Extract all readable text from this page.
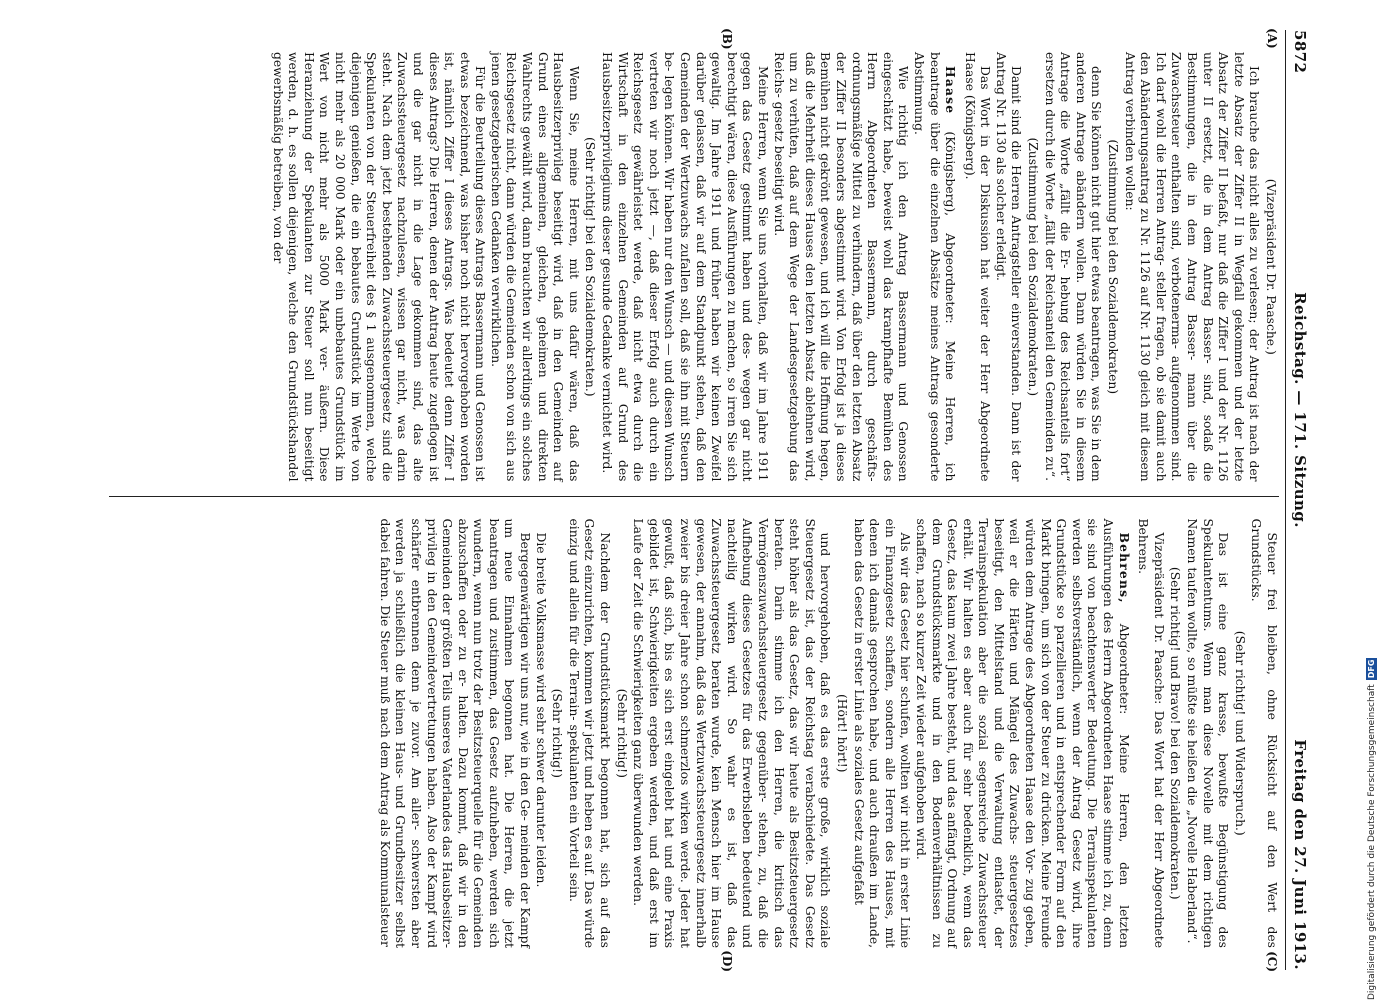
5872
Reichstag. — 171. Sitzung.
Freitag den 27. Juni 1913.
(A)
(B)

(Vizepräsident Dr. Paasche.)

Ich brauche das nicht alles zu verlesen; der Antrag ist nach der letzte Absatz der Ziffer II in Wegfall gekommen und der letzte Absatz der Ziffer II befaßt, nur daß die Ziffer I und der Nr. 1126 unter II ersetzt, die in dem Antrag Basser- sind, sodaß die Bestimmungen, die in dem Antrag Basser- mann über die Zuwachssteuer enthalten sind, verbotenerma- aufgenommen sind. Ich darf wohl die Herren Antrag- steller fragen, ob sie damit auch den Abänderungsantrag zu Nr. 1126 auf Nr. 1130 gleich mit diesem Antrag verbinden wollen:

(Zustimmung bei den Sozialdemokraten)

denn Sie können nicht gut hier etwas beantragen, was Sie in dem anderen Antrage abändern wollen. Dann würden Sie in diesem Antrage die Worte „fällt die Er- hebung des Reichsanteils fort“ ersetzen durch die Worte „fällt der Reichsanteil den Gemeinden zu“.

(Zustimmung bei den Sozialdemokraten.)

Damit sind die Herren Antragsteller einverstanden. Dann ist der Antrag Nr. 1130 als solcher erledigt.

Das Wort in der Diskussion hat weiter der Herr Abgeordnete Haase (Königsberg).

Haase (Königsberg), Abgeordneter: Meine Herren, ich beantrage über die einzelnen Absätze meines Antrags gesonderte Abstimmung.

Wie richtig ich den Antrag Bassermann und Genossen eingeschätzt habe, beweist wohl das krampfhafte Bemühen des Herrn Abgeordneten Bassermann, durch geschäfts- ordnungsmäßige Mittel zu verhindern, daß über den letzten Absatz der Ziffer II besonders abgestimmt wird. Von Erfolg ist ja dieses Bemühen nicht gekrönt gewesen, und ich will die Hoffnung hegen, daß die Mehrheit dieses Hauses den letzten Absatz ablehnen wird, um zu verhüten, daß auf dem Wege der Landesgesetzgebung das Reichs- gesetz beseitigt wird.

Meine Herren, wenn Sie uns vorhalten, daß wir im Jahre 1911 gegen das Gesetz gestimmt haben und des- wegen gar nicht berechtigt wären, diese Ausführungen zu machen, so irren Sie sich gewaltig. Im Jahre 1911 und früher haben wir keinen Zweifel darüber gelassen, daß wir auf dem Standpunkt stehen, daß den Gemeinden der Wertzuwachs zufallen soll, daß sie ihn mit Steuern be- legen können. Wir haben nur den Wunsch — und diesen Wunsch vertreten wir noch jetzt —, daß dieser Erfolg auch durch ein Reichsgesetz gewährleistet werde, daß nicht etwa durch die Wirtschaft in den einzelnen Gemeinden auf Grund des Hausbesitzerprivilegiums dieser gesunde Gedanke vernichtet wird.

(Sehr richtig! bei den Sozialdemokraten.)

Wenn Sie, meine Herren, mit uns dafür wären, daß das Hausbesitzerprivileg beseitigt wird, daß in den Gemeinden auf Grund eines allgemeinen, gleichen, geheimen und direkten Wahlrechts gewählt wird, dann brauchten wir allerdings ein solches Reichsgesetz nicht, dann würden die Gemeinden schon von sich aus jenen gesetzgeberischen Gedanken verwirklichen.

Für die Beurteilung dieses Antrags Bassermann und Genossen ist etwas bezeichnend, was bisher noch nicht hervorgehoben worden ist, nämlich Ziffer I dieses Antrags. Was bedeutet denn Ziffer I dieses Antrags? Die Herren, denen der Antrag heute zugeflogen ist und die gar nicht in die Lage gekommen sind, das alte Zuwachssteuergesetz nachzulesen, wissen gar nicht, was darin steht. Nach dem jetzt bestehenden Zuwachssteuergesetz sind die Spekulanten von der Steuerfreiheit des § 1 ausgenommen, welche diejenigen genießen, die ein bebautes Grundstück im Werte von nicht mehr als 20 000 Mark oder ein unbebautes Grundstück im Wert von nicht mehr als 5000 Mark ver- äußern. Diese Heranziehung der Spekulanten zur Steuer soll nun beseitigt werden, d. h. es sollen diejenigen, welche den Grundstückshandel gewerbsmäßig betreiben, von der

(C)
(D)

Steuer frei bleiben, ohne Rücksicht auf den Wert des Grundstücks.

(Sehr richtig! und Widerspruch.)

Das ist eine ganz krasse, bewußte Begünstigung des Spekulantentums. Wenn man diese Novelle mit dem richtigen Namen taufen wollte, so müßte sie heißen die „Novelle Haberland“.

(Sehr richtig! und Bravo! bei den Sozialdemokraten.)

Vizepräsident Dr. Paasche: Das Wort hat der Herr Abgeordnete Behrens.

Behrens, Abgeordneter: Meine Herren, den letzten Ausführungen des Herrn Abgeordneten Haase stimme ich zu, denn sie sind von beachtenswerter Bedeutung. Die Terrainspekulanten werden selbstverständlich, wenn der Antrag Gesetz wird, ihre Grundstücke so parzellieren und in entsprechender Form auf den Markt bringen, um sich von der Steuer zu drücken. Meine Freunde würden dem Antrage des Abgeordneten Haase den Vor- zug geben, weil er die Härten und Mängel des Zuwachs- steuergesetzes beseitigt, den Mittelstand und die Verwaltung entlastet, der Terrainspekulation aber die sozial segensreiche Zuwachssteuer erhält. Wir halten es aber auch für sehr bedenklich, wenn das Gesetz, das kaum zwei Jahre besteht, und das anfängt, Ordnung auf dem Grundstücksmarkte und in den Bodenverhältnissen zu schaffen, nach so kurzer Zeit wieder aufgehoben wird.

Als wir das Gesetz hier schufen, wollten wir nicht in erster Linie ein Finanzgesetz schaffen, sondern alle Herren des Hauses, mit denen ich damals gesprochen habe, und auch draußen im Lande, haben das Gesetz in erster Linie als soziales Gesetz aufgefaßt

(Hört! hört!)

und hervorgehoben, daß es das erste große, wirklich soziale Steuergesetz ist, das der Reichstag verabschiedete. Das Gesetz steht höher als das Gesetz, das wir heute als Besitzsteuergesetz beraten. Darin stimme ich den Herren, die kritisch das Vermögenszuwachssteuergesetz gegenüber- stehen, zu, daß die Aufhebung dieses Gesetzes für das Erwerbsleben bedeutend und nachteilig wirken wird. So wahr es ist, daß das Zuwachssteuergesetz beraten wurde, kein Mensch hier im Hause gewesen, der annahm, daß das Wertzuwachssteuergesetz innerhalb zweier bis dreier Jahre schon schmerzlos wirken werde. Jeder hat gewußt, daß sich, bis es sich erst eingelebt hat und eine Praxis gebildet ist, Schwierigkeiten ergeben werden, und daß erst im Laufe der Zeit die Schwierigkeiten ganz überwunden werden.

(Sehr richtig!)

Nachdem der Grundstücksmarkt begonnen hat, sich auf das Gesetz einzurichten, kommen wir jetzt und heben es auf. Das würde einzig und allein für die Terrain- spekulanten ein Vorteil sein.

(Sehr richtig!)

Die breite Volksmasse wird sehr schwer darunter leiden.

Bergegenwärtigen wir uns nur, wie in den Ge- meinden der Kampf um neue Einnahmen begonnen hat. Die Herren, die jetzt beantragen und zustimmen, das Gesetz aufzuheben, werden sich wundern, wenn nun trotz der Besitzsteuerquelle für die Gemeinden abzuschaffen oder zu er- halten. Dazu kommt, daß wir in den Gemeinden der größten Teils unseres Vaterlandes das Hausbesitzer- privileg in den Gemeindevertretungen haben. Also der Kampf wird schärfer entbrennen denn je zuvor. Am aller- schwersten aber werden ja schließlich die kleinen Haus- und Grundbesitzer selbst dabei fahren. Die Steuer muß nach dem Antrag als Kommunalsteuer	Digitalisierung gefördert durch die Deutsche Forschungsgemeinschaft
DFG
